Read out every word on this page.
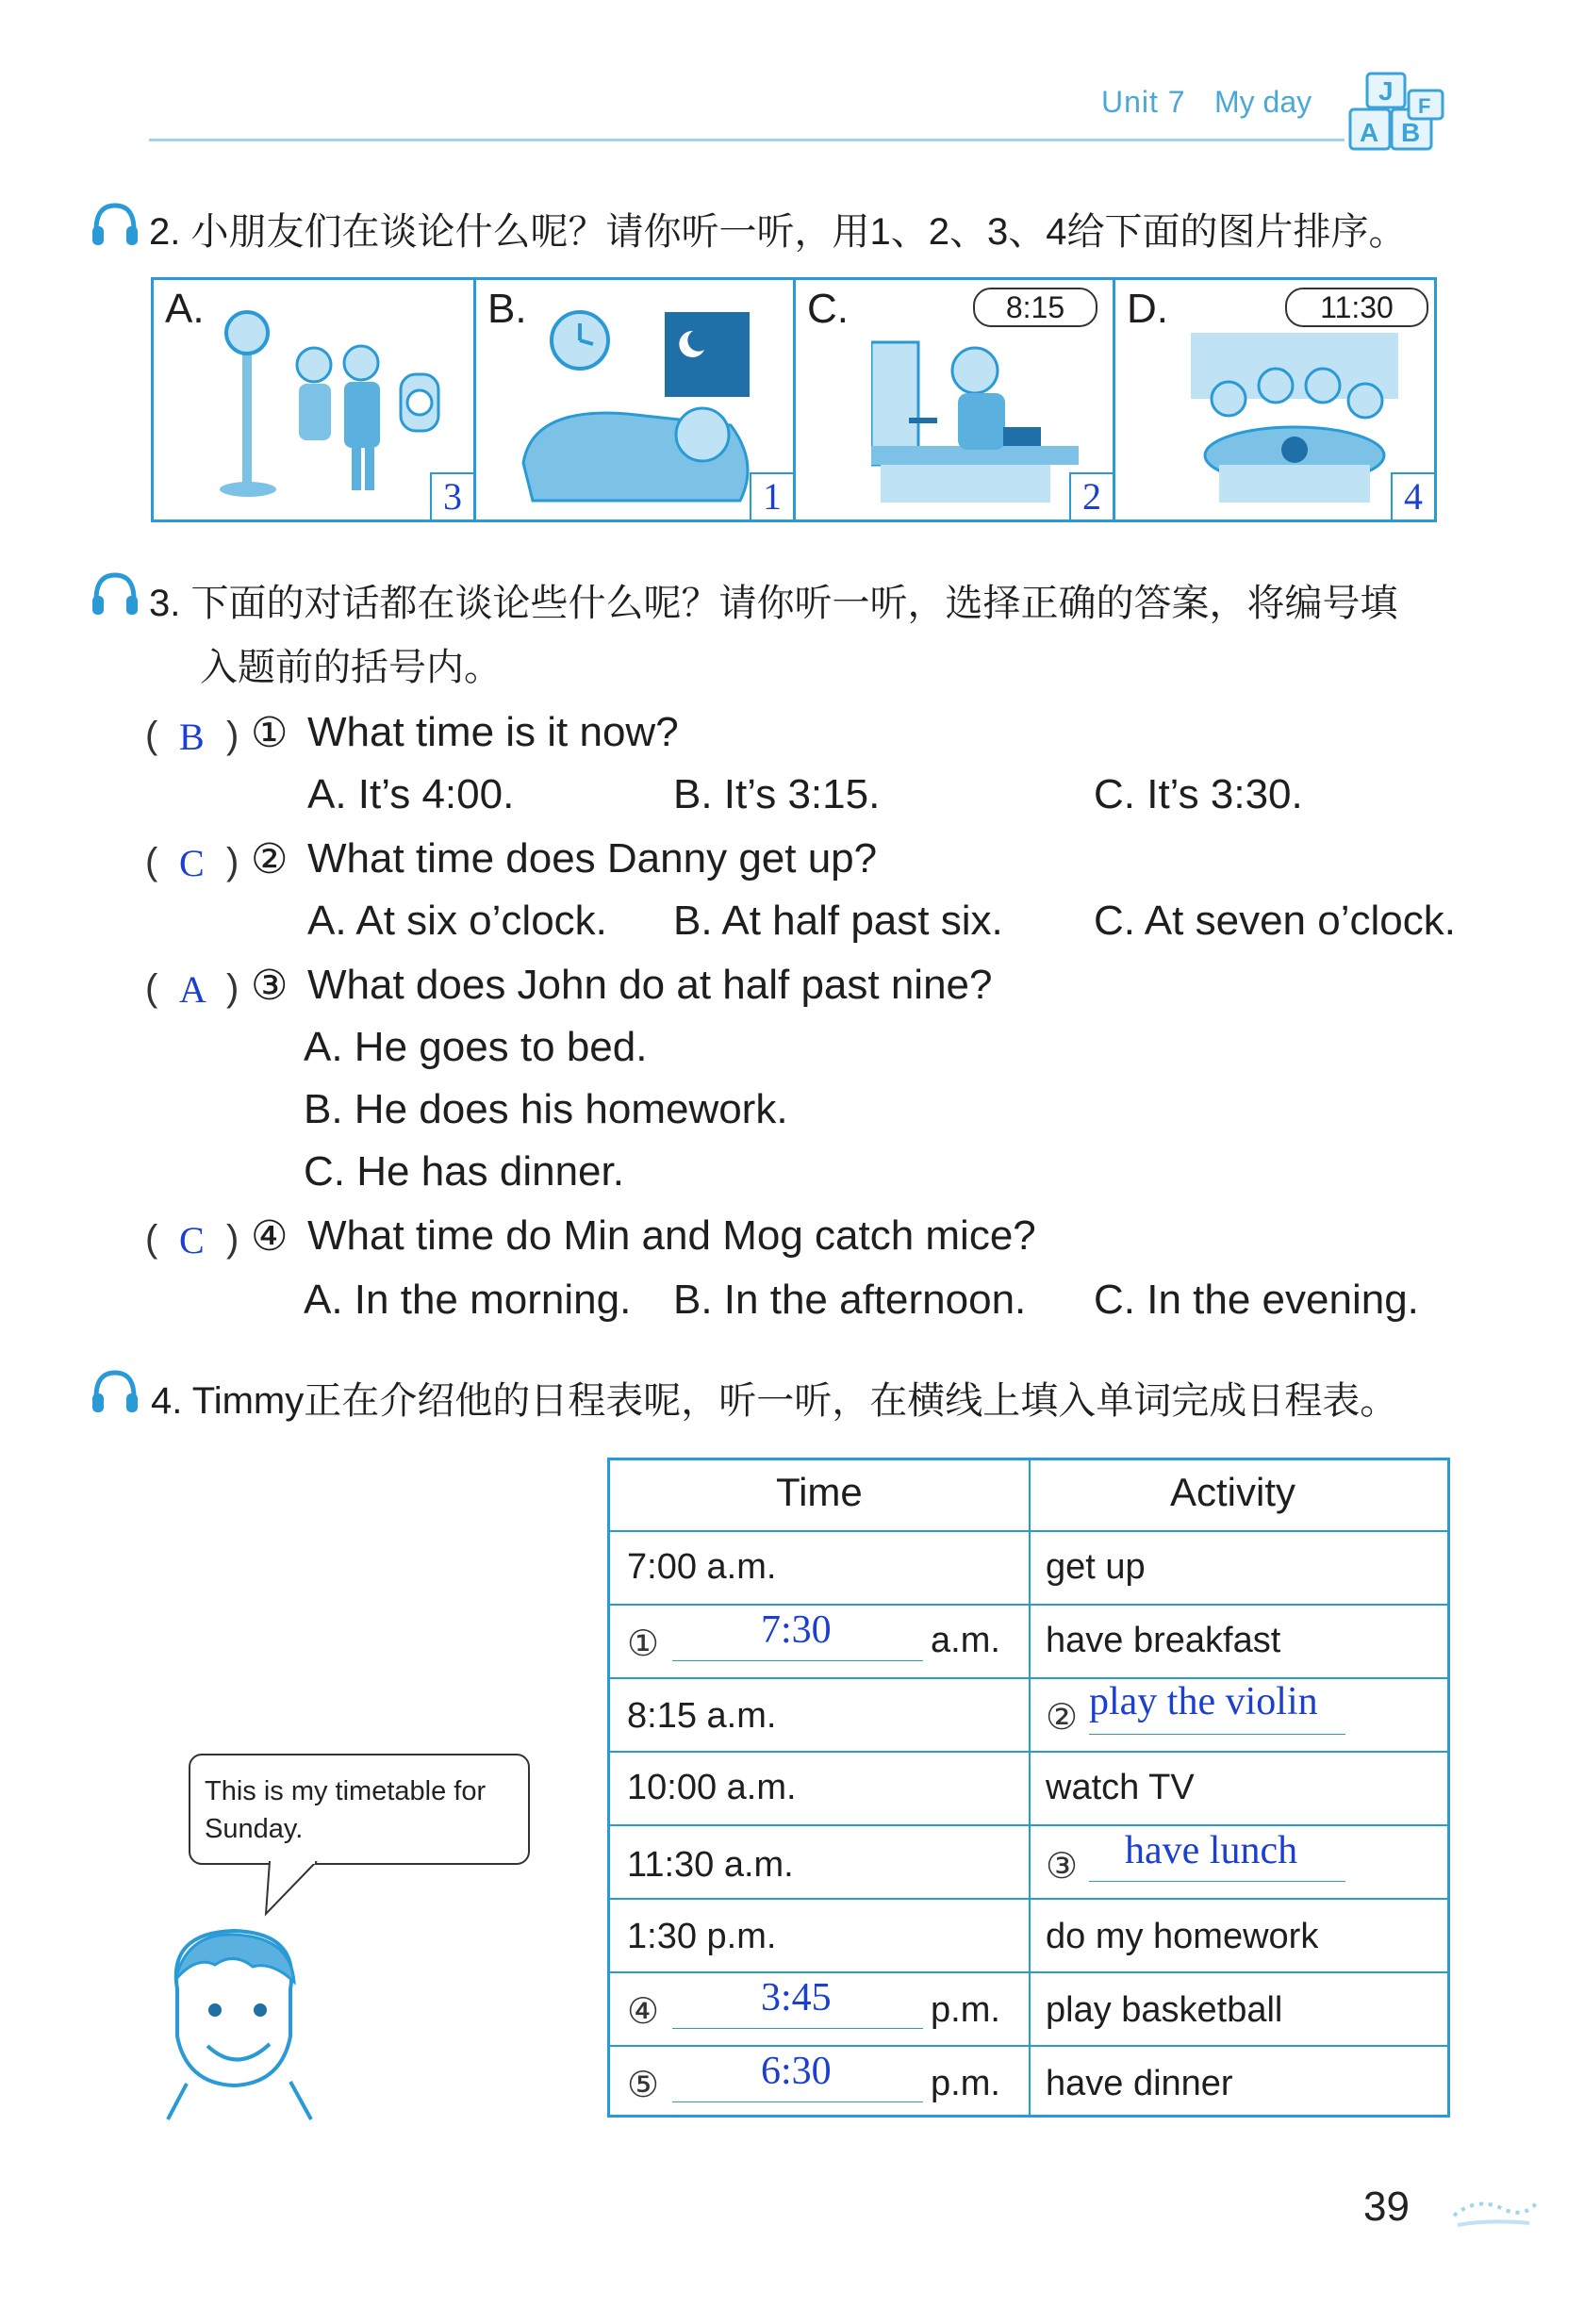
Unit 7 My day	J
A B
F
2. 小朋友们在谈论什么呢？请你听一听，用1、2、3、4给下面的图片排序。
A.
3
B.
1
C.	8:15
2
D.	11:30
4
3. 下面的对话都在谈论些什么呢？请你听一听，选择正确的答案，将编号填
入题前的括号内。
( B ) ① What time is it now?
A. It’s 4:00.	B. It’s 3:15.	C. It’s 3:30.
( C ) ② What time does Danny get up?
A. At six o’clock. B. At half past six. C. At seven o’clock.
( A ) ③ What does John do at half past nine?
A. He goes to bed.
B. He does his homework.
C. He has dinner.
( C ) ④ What time do Min and Mog catch mice?
A. In the morning. B. In the afternoon. C. In the evening.
4. Timmy正在介绍他的日程表呢，听一听，在横线上填入单词完成日程表。
This is my timetable for Sunday.
Time	Activity
7:00 a.m.	get up
①	7:30	a.m. have breakfast
8:15 a.m.	② play the violin
10:00 a.m.	watch TV
11:30 a.m.	③ have lunch
1:30 p.m.	do my homework
④	3:45	p.m. play basketball
⑤	6:30	p.m. have dinner
39
